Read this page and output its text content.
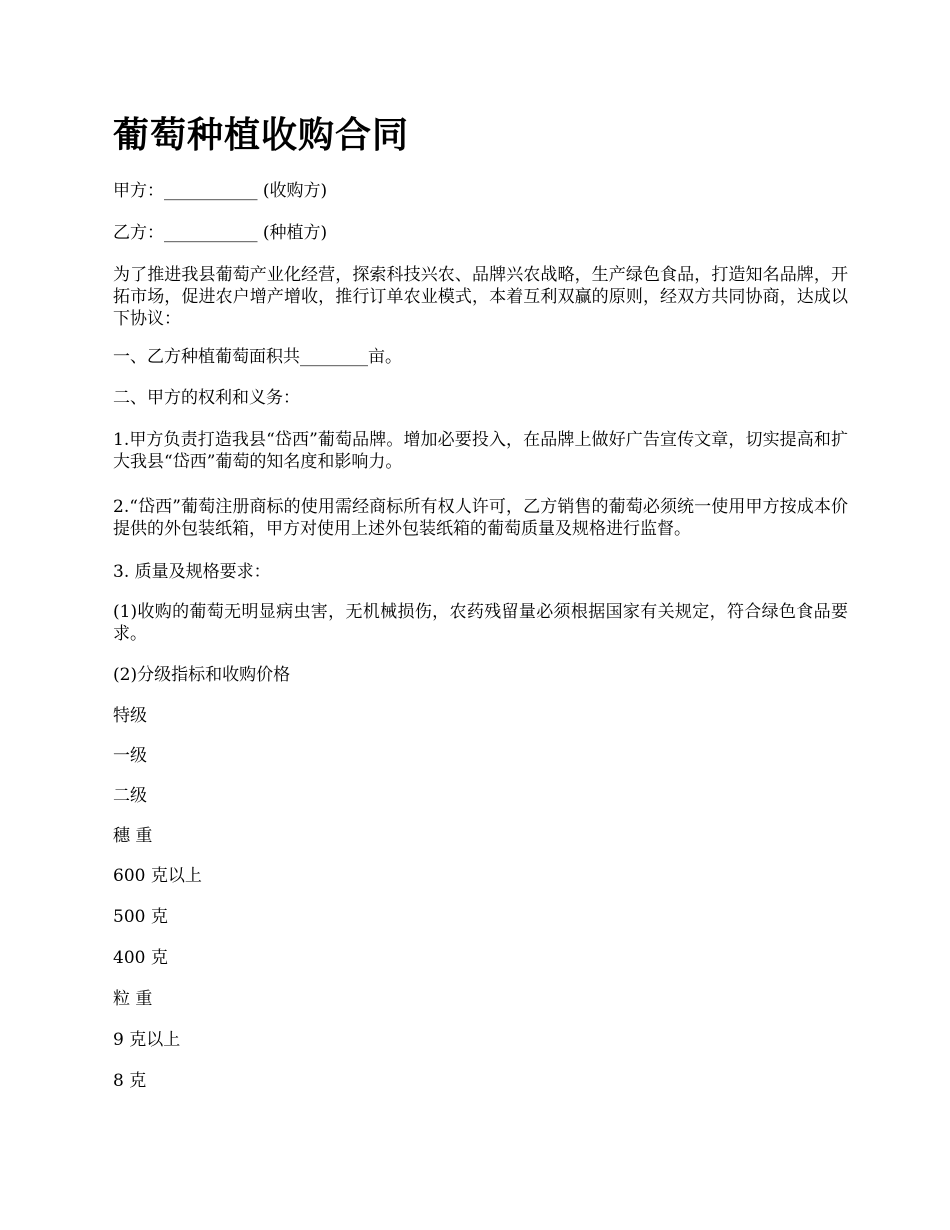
葡萄种植收购合同

甲方：___________ (收购方)

乙方：___________ (种植方)

为了推进我县葡萄产业化经营，探索科技兴农、品牌兴农战略，生产绿色食品，打造知名品牌，开拓市场，促进农户增产增收，推行订单农业模式，本着互利双赢的原则，经双方共同协商，达成以下协议：

一、乙方种植葡萄面积共________亩。

二、甲方的权利和义务：

1.甲方负责打造我县“岱西”葡萄品牌。增加必要投入，在品牌上做好广告宣传文章，切实提高和扩大我县“岱西”葡萄的知名度和影响力。

2.“岱西”葡萄注册商标的使用需经商标所有权人许可，乙方销售的葡萄必须统一使用甲方按成本价提供的外包装纸箱，甲方对使用上述外包装纸箱的葡萄质量及规格进行监督。

3. 质量及规格要求：

(1)收购的葡萄无明显病虫害，无机械损伤，农药残留量必须根据国家有关规定，符合绿色食品要求。

(2)分级指标和收购价格

特级

一级

二级

穗 重

600 克以上

500 克

400 克

粒 重

9 克以上

8 克
